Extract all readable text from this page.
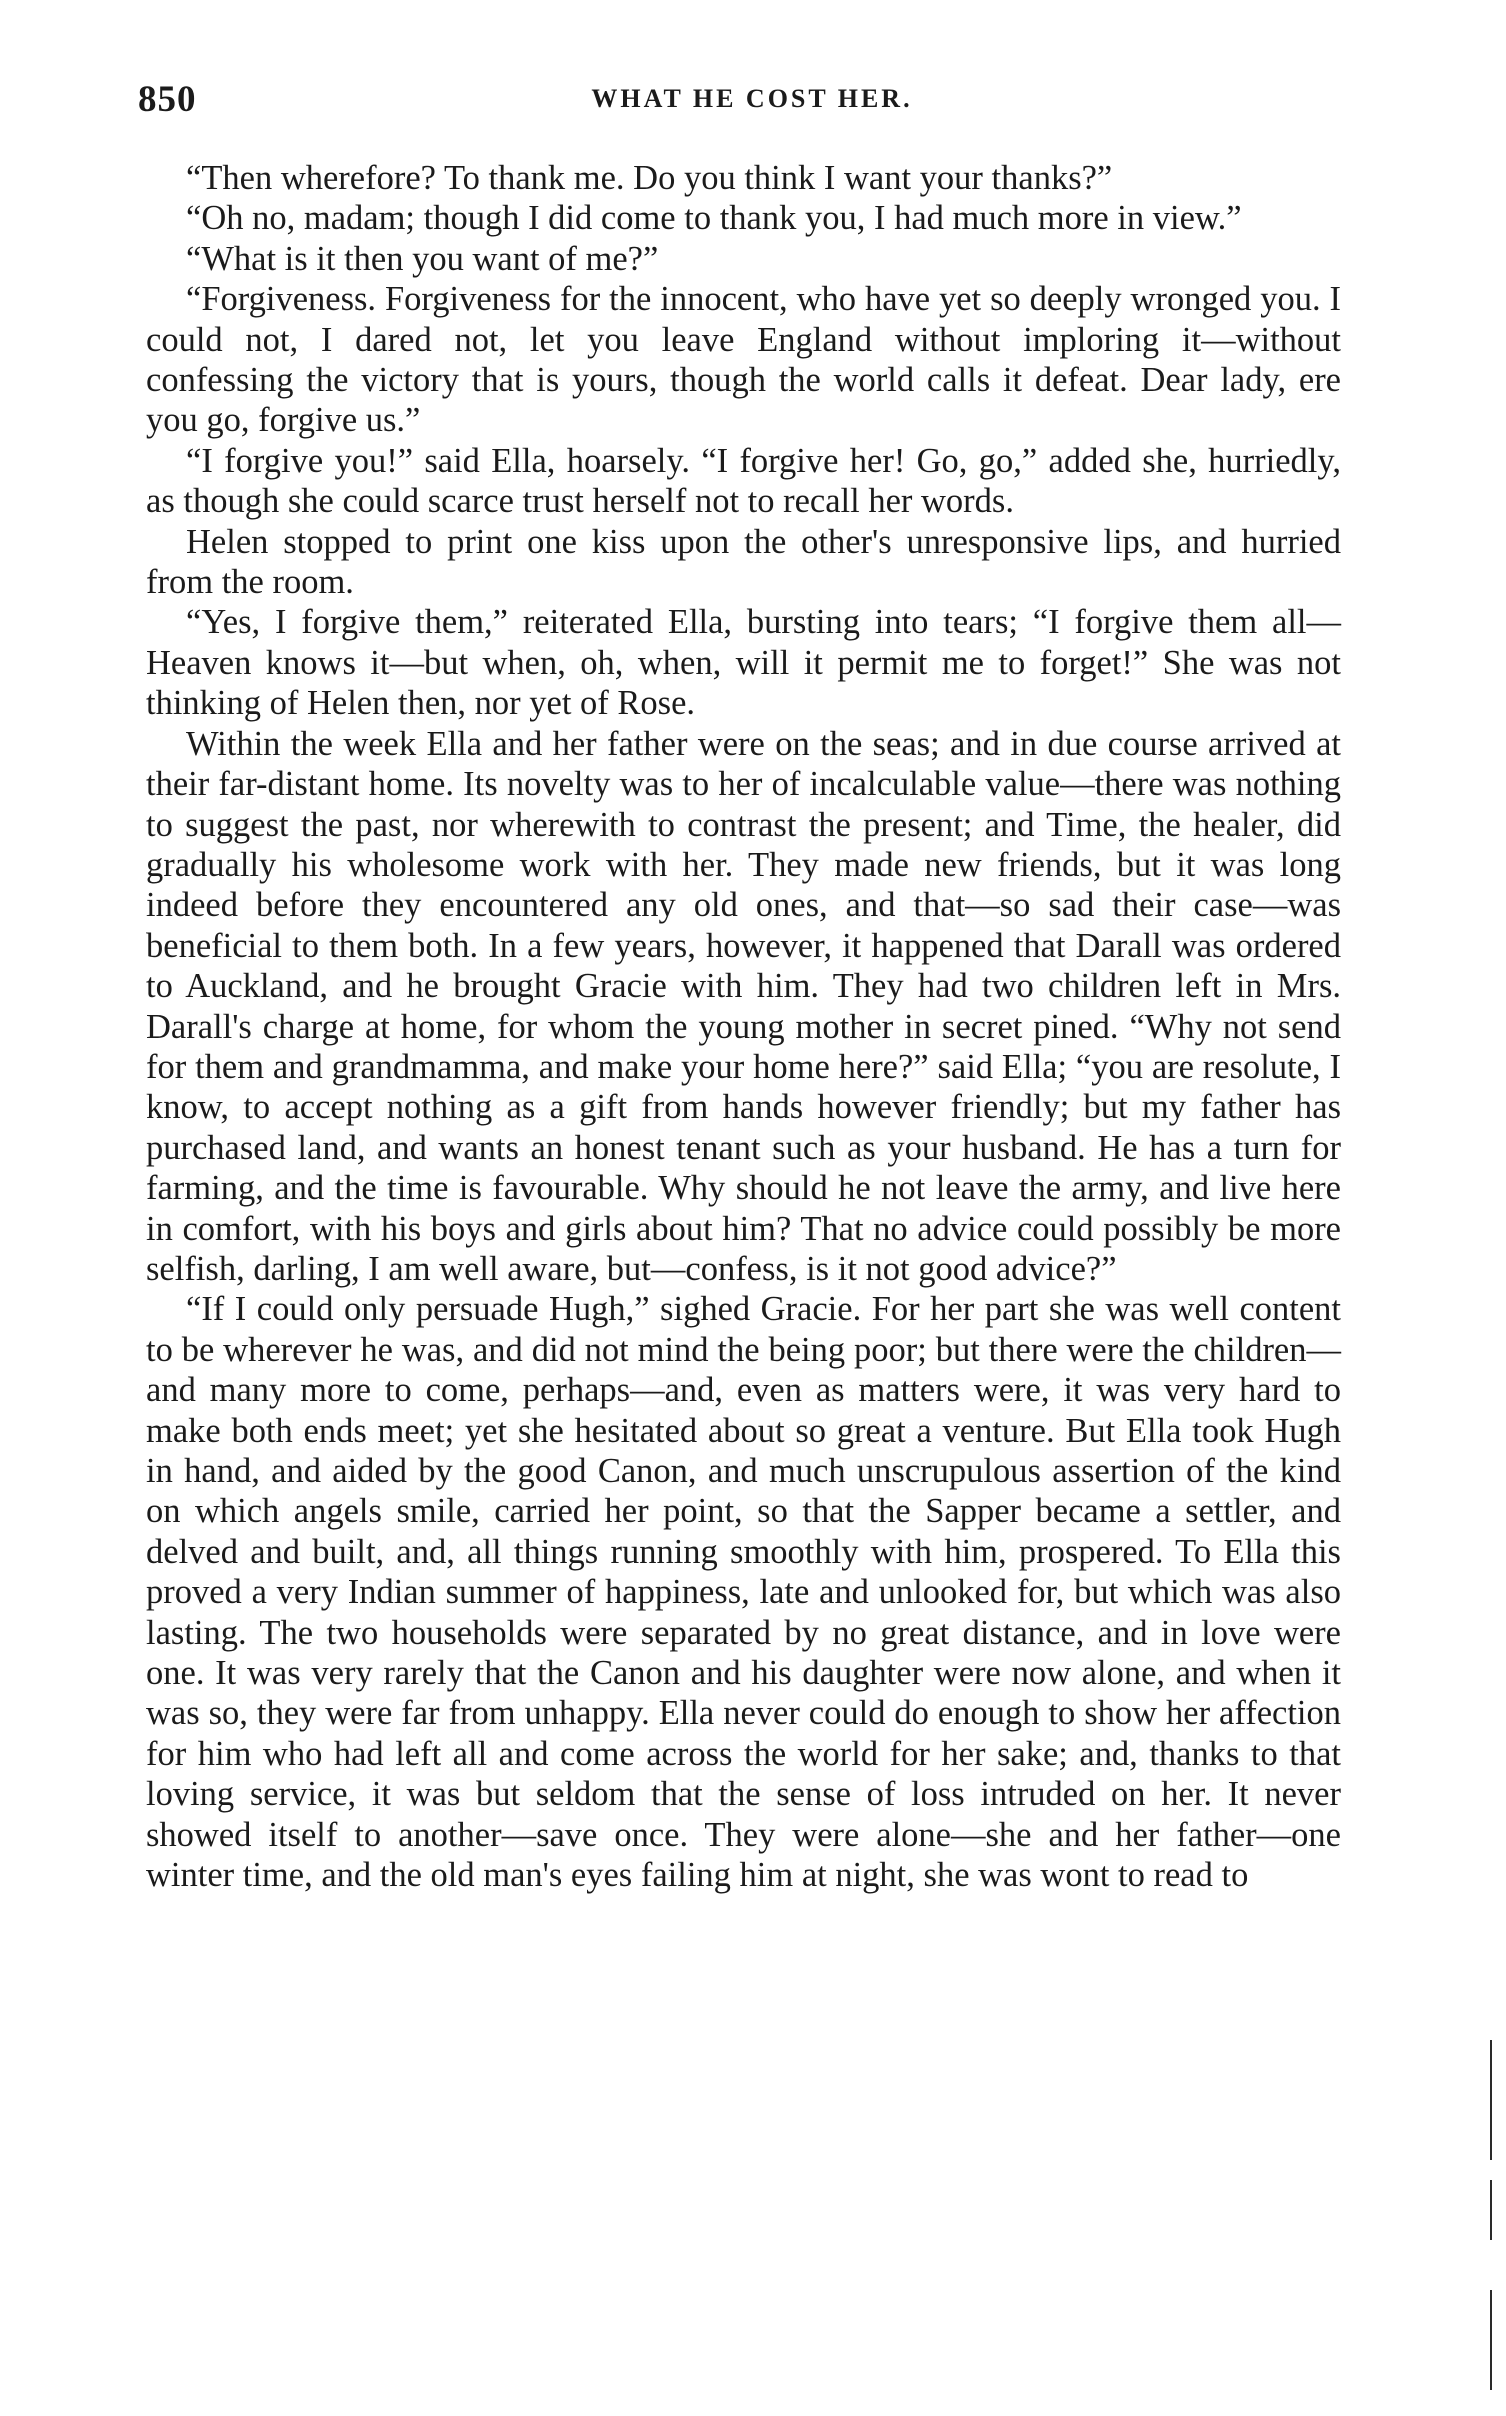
850	WHAT HE COST HER.

“Then wherefore? To thank me. Do you think I want your thanks?”

“Oh no, madam; though I did come to thank you, I had much more in view.”

“What is it then you want of me?”

“Forgiveness. Forgiveness for the innocent, who have yet so deeply wronged you. I could not, I dared not, let you leave England without imploring it—without confessing the victory that is yours, though the world calls it defeat. Dear lady, ere you go, forgive us.”

“I forgive you!” said Ella, hoarsely. “I forgive her! Go, go,” added she, hurriedly, as though she could scarce trust herself not to recall her words.

Helen stopped to print one kiss upon the other's unresponsive lips, and hurried from the room.

“Yes, I forgive them,” reiterated Ella, bursting into tears; “I forgive them all—Heaven knows it—but when, oh, when, will it permit me to forget!” She was not thinking of Helen then, nor yet of Rose.

Within the week Ella and her father were on the seas; and in due course arrived at their far-distant home. Its novelty was to her of incalculable value—there was nothing to suggest the past, nor wherewith to contrast the present; and Time, the healer, did gradually his wholesome work with her. They made new friends, but it was long indeed before they encountered any old ones, and that—so sad their case—was beneficial to them both. In a few years, however, it happened that Darall was ordered to Auckland, and he brought Gracie with him. They had two children left in Mrs. Darall's charge at home, for whom the young mother in secret pined. “Why not send for them and grandmamma, and make your home here?” said Ella; “you are resolute, I know, to accept nothing as a gift from hands however friendly; but my father has purchased land, and wants an honest tenant such as your husband. He has a turn for farming, and the time is favourable. Why should he not leave the army, and live here in comfort, with his boys and girls about him? That no advice could possibly be more selfish, darling, I am well aware, but—confess, is it not good advice?”

“If I could only persuade Hugh,” sighed Gracie. For her part she was well content to be wherever he was, and did not mind the being poor; but there were the children—and many more to come, perhaps—and, even as matters were, it was very hard to make both ends meet; yet she hesitated about so great a venture. But Ella took Hugh in hand, and aided by the good Canon, and much unscrupulous assertion of the kind on which angels smile, carried her point, so that the Sapper became a settler, and delved and built, and, all things running smoothly with him, prospered. To Ella this proved a very Indian summer of happiness, late and unlooked for, but which was also lasting. The two households were separated by no great distance, and in love were one. It was very rarely that the Canon and his daughter were now alone, and when it was so, they were far from unhappy. Ella never could do enough to show her affection for him who had left all and come across the world for her sake; and, thanks to that loving service, it was but seldom that the sense of loss intruded on her. It never showed itself to another—save once. They were alone—she and her father—one winter time, and the old man's eyes failing him at night, she was wont to read to
